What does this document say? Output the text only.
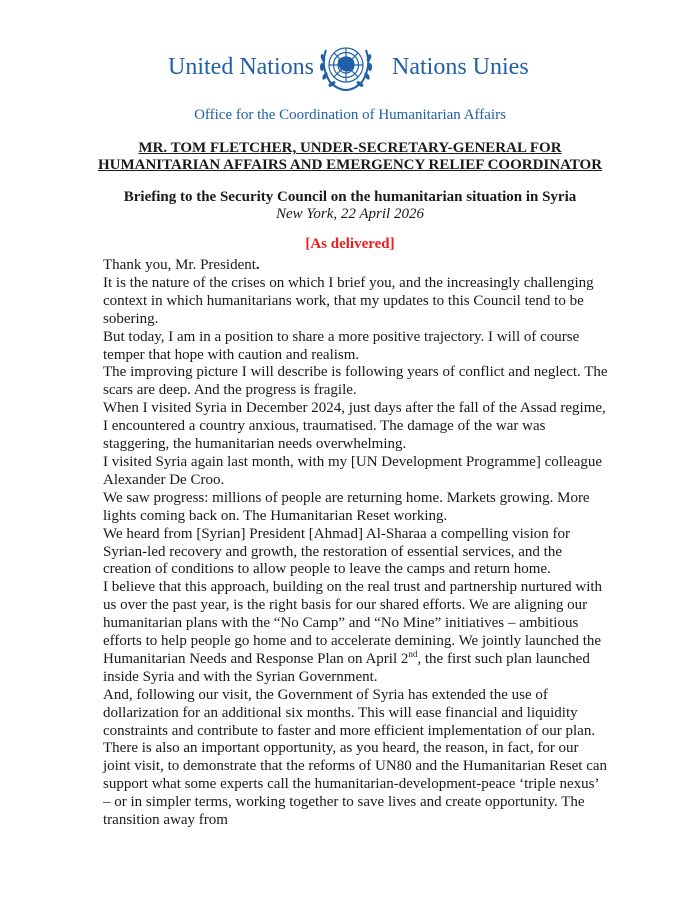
United Nations	Nations Unies
Office for the Coordination of Humanitarian Affairs
MR. TOM FLETCHER, UNDER-SECRETARY-GENERAL FOR
HUMANITARIAN AFFAIRS AND EMERGENCY RELIEF COORDINATOR
Briefing to the Security Council on the humanitarian situation in Syria
New York, 22 April 2026
[As delivered]

Thank you, Mr. President.

It is the nature of the crises on which I brief you, and the increasingly challenging context in which humanitarians work, that my updates to this Council tend to be sobering.

But today, I am in a position to share a more positive trajectory. I will of course temper that hope with caution and realism.

The improving picture I will describe is following years of conflict and neglect. The scars are deep. And the progress is fragile.

When I visited Syria in December 2024, just days after the fall of the Assad regime, I encountered a country anxious, traumatised. The damage of the war was staggering, the humanitarian needs overwhelming.

I visited Syria again last month, with my [UN Development Programme] colleague Alexander De Croo.

We saw progress: millions of people are returning home. Markets growing. More lights coming back on. The Humanitarian Reset working.

We heard from [Syrian] President [Ahmad] Al-Sharaa a compelling vision for Syrian-led recovery and growth, the restoration of essential services, and the creation of conditions to allow people to leave the camps and return home.

I believe that this approach, building on the real trust and partnership nurtured with us over the past year, is the right basis for our shared efforts. We are aligning our humanitarian plans with the “No Camp” and “No Mine” initiatives – ambitious efforts to help people go home and to accelerate demining. We jointly launched the Humanitarian Needs and Response Plan on April 2nd, the first such plan launched inside Syria and with the Syrian Government.

And, following our visit, the Government of Syria has extended the use of dollarization for an additional six months. This will ease financial and liquidity constraints and contribute to faster and more efficient implementation of our plan.

There is also an important opportunity, as you heard, the reason, in fact, for our joint visit, to demonstrate that the reforms of UN80 and the Humanitarian Reset can support what some experts call the humanitarian-development-peace ‘triple nexus’ – or in simpler terms, working together to save lives and create opportunity. The transition away from
